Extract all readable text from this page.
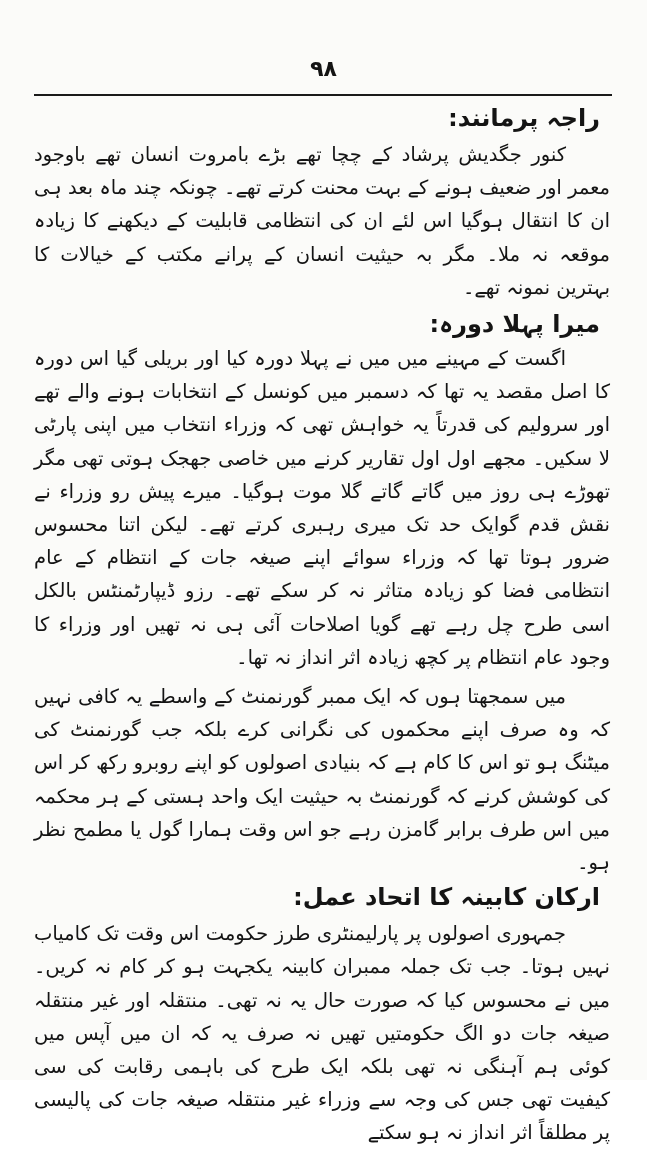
۹۸
راجہ پرمانند:

کنور جگدیش پرشاد کے چچا تھے بڑے بامروت انسان تھے باوجود معمر اور ضعیف ہونے کے بہت محنت کرتے تھے۔ چونکہ چند ماہ بعد ہی ان کا انتقال ہوگیا اس لئے ان کی انتظامی قابلیت کے دیکھنے کا زیادہ موقعہ نہ ملا۔ مگر بہ حیثیت انسان کے پرانے مکتب کے خیالات کا بہترین نمونہ تھے۔

میرا پہلا دورہ:

اگست کے مہینے میں میں نے پہلا دورہ کیا اور بریلی گیا اس دورہ کا اصل مقصد یہ تھا کہ دسمبر میں کونسل کے انتخابات ہونے والے تھے اور سرولیم کی قدرتاً یہ خواہش تھی کہ وزراء انتخاب میں اپنی پارٹی لا سکیں۔ مجھے اول اول تقاریر کرنے میں خاصی جھجک ہوتی تھی مگر تھوڑے ہی روز میں گاتے گاتے گلا موت ہوگیا۔ میرے پیش رو وزراء نے نقش قدم گوایک حد تک میری رہبری کرتے تھے۔ لیکن اتنا محسوس ضرور ہوتا تھا کہ وزراء سوائے اپنے صیغہ جات کے انتظام کے عام انتظامی فضا کو زیادہ متاثر نہ کر سکے تھے۔ رزو ڈیپارٹمنٹس بالکل اسی طرح چل رہے تھے گویا اصلاحات آئی ہی نہ تھیں اور وزراء کا وجود عام انتظام پر کچھ زیادہ اثر انداز نہ تھا۔

میں سمجھتا ہوں کہ ایک ممبر گورنمنٹ کے واسطے یہ کافی نہیں کہ وہ صرف اپنے محکموں کی نگرانی کرے بلکہ جب گورنمنٹ کی میٹنگ ہو تو اس کا کام ہے کہ بنیادی اصولوں کو اپنے روبرو رکھ کر اس کی کوشش کرنے کہ گورنمنٹ بہ حیثیت ایک واحد ہستی کے ہر محکمہ میں اس طرف برابر گامزن رہے جو اس وقت ہمارا گول یا مطمح نظر ہو۔

ارکان کابینہ کا اتحاد عمل:

جمہوری اصولوں پر پارلیمنٹری طرز حکومت اس وقت تک کامیاب نہیں ہوتا۔ جب تک جملہ ممبران کابینہ یکجہت ہو کر کام نہ کریں۔ میں نے محسوس کیا کہ صورت حال یہ نہ تھی۔ منتقلہ اور غیر منتقلہ صیغہ جات دو الگ حکومتیں تھیں نہ صرف یہ کہ ان میں آپس میں کوئی ہم آہنگی نہ تھی بلکہ ایک طرح کی باہمی رقابت کی سی کیفیت تھی جس کی وجہ سے وزراء غیر منتقلہ صیغہ جات کی پالیسی پر مطلقاً اثر انداز نہ ہو سکتے
